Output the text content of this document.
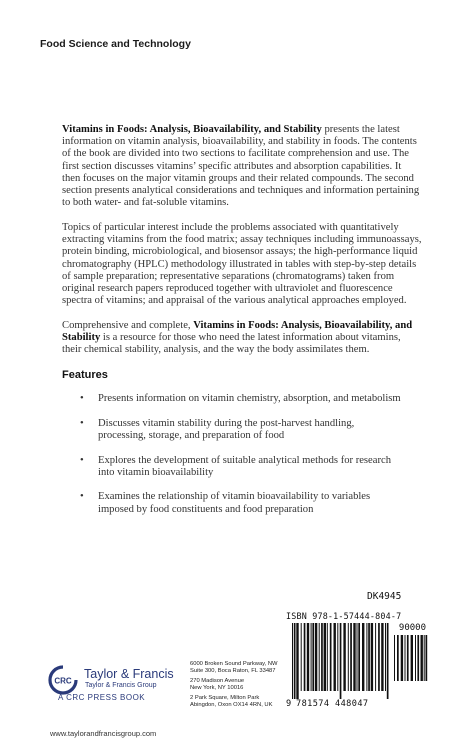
Food Science and Technology

Vitamins in Foods: Analysis, Bioavailability, and Stability presents the latest information on vitamin analysis, bioavailability, and stability in foods. The contents of the book are divided into two sections to facilitate comprehension and use. The first section discusses vitamins’ specific attributes and absorption capabilities. It then focuses on the major vitamin groups and their related compounds. The second section presents analytical considerations and techniques and information pertaining to both water- and fat-soluble vitamins.

Topics of particular interest include the problems associated with quantitatively extracting vitamins from the food matrix; assay techniques including immunoassays, protein binding, microbiological, and biosensor assays; the high-performance liquid chromatography (HPLC) methodology illustrated in tables with step-by-step details of sample preparation; representative separations (chromatograms) taken from original research papers reproduced together with ultraviolet and fluorescence spectra of vitamins; and appraisal of the various analytical approaches employed.

Comprehensive and complete, Vitamins in Foods: Analysis, Bioavailability, and Stability is a resource for those who need the latest information about vitamins, their chemical stability, analysis, and the way the body assimilates them.

Features
• Presents information on vitamin chemistry, absorption, and metabolism
• Discusses vitamin stability during the post-harvest handling, processing, storage, and preparation of food
• Explores the development of suitable analytical methods for research into vitamin bioavailability
• Examines the relationship of vitamin bioavailability to variables imposed by food constituents and food preparation
DK4945
ISBN 978-1-57444-804-7
90000
9 781574 448047
CRC Taylor & Francis
Taylor & Francis Group
A CRC PRESS BOOK
6000 Broken Sound Parkway, NW
Suite 300, Boca Raton, FL 33487
270 Madison Avenue
New York, NY 10016
2 Park Square, Milton Park
Abingdon, Oxon OX14 4RN, UK
www.taylorandfrancisgroup.com
